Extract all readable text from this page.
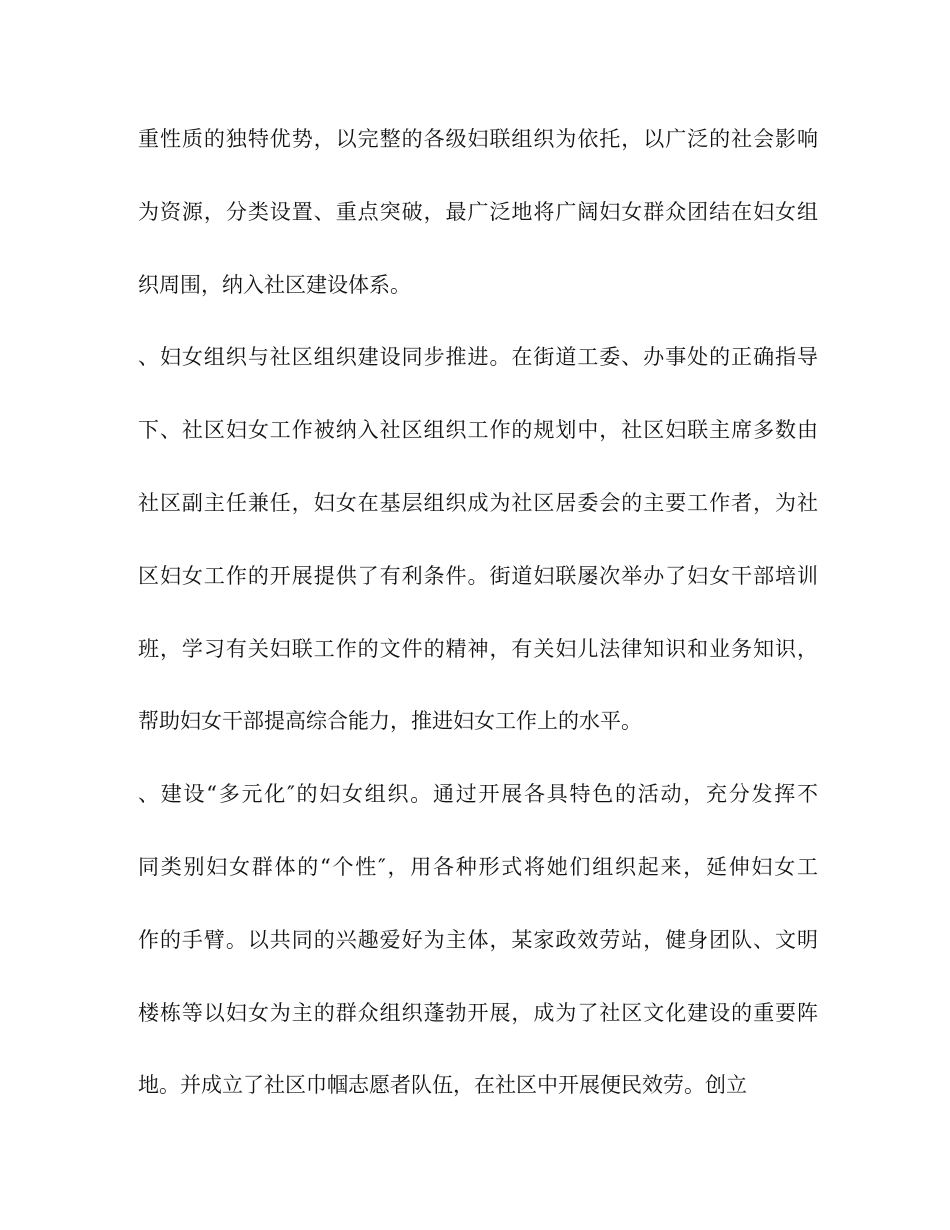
重性质的独特优势，以完整的各级妇联组织为依托，以广泛的社会影响
为资源，分类设置、重点突破，最广泛地将广阔妇女群众团结在妇女组
织周围，纳入社区建设体系。
、妇女组织与社区组织建设同步推进。在街道工委、办事处的正确指导
下、社区妇女工作被纳入社区组织工作的规划中，社区妇联主席多数由
社区副主任兼任，妇女在基层组织成为社区居委会的主要工作者，为社
区妇女工作的开展提供了有利条件。街道妇联屡次举办了妇女干部培训
班，学习有关妇联工作的文件的精神，有关妇儿法律知识和业务知识，
帮助妇女干部提高综合能力，推进妇女工作上的水平。
、建设“多元化″的妇女组织。通过开展各具特色的活动，充分发挥不
同类别妇女群体的“个性″，用各种形式将她们组织起来，延伸妇女工
作的手臂。以共同的兴趣爱好为主体，某家政效劳站，健身团队、文明
楼栋等以妇女为主的群众组织蓬勃开展，成为了社区文化建设的重要阵
地。并成立了社区巾帼志愿者队伍，在社区中开展便民效劳。创立
